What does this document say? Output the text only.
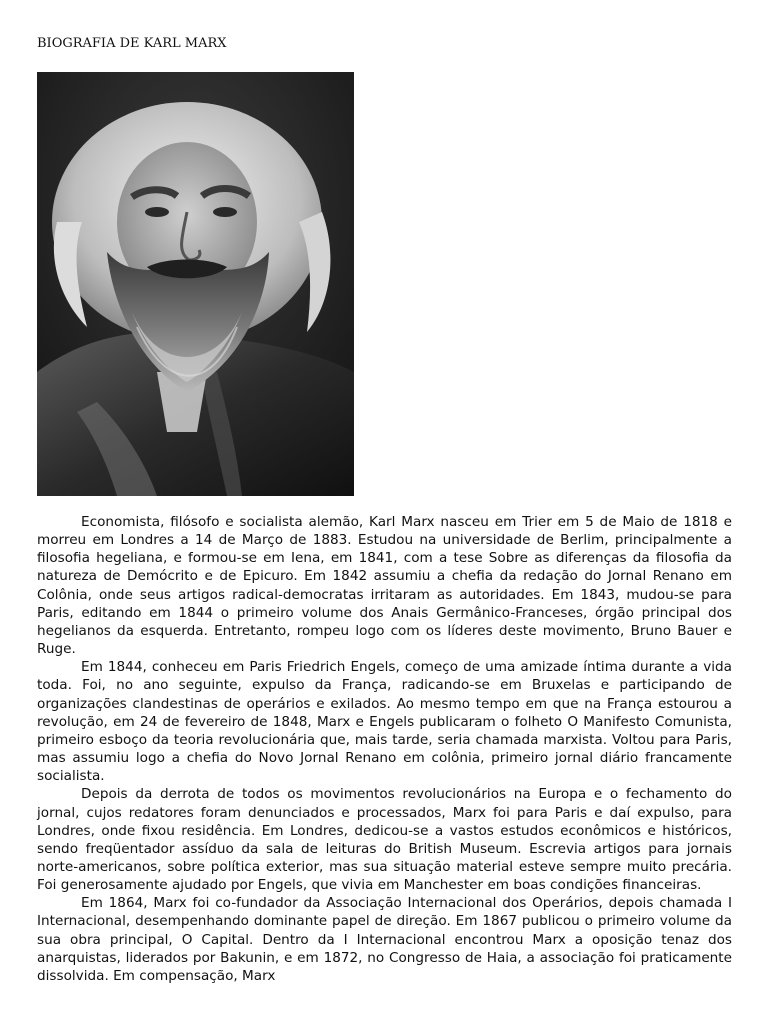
BIOGRAFIA DE KARL MARX

Economista, filósofo e socialista alemão, Karl Marx nasceu em Trier em 5 de Maio de 1818 e morreu em Londres a 14 de Março de 1883. Estudou na universidade de Berlim, principalmente a filosofia hegeliana, e formou-se em Iena, em 1841, com a tese Sobre as diferenças da filosofia da natureza de Demócrito e de Epicuro. Em 1842 assumiu a chefia da redação do Jornal Renano em Colônia, onde seus artigos radical-democratas irritaram as autoridades. Em 1843, mudou-se para Paris, editando em 1844 o primeiro volume dos Anais Germânico-Franceses, órgão principal dos hegelianos da esquerda. Entretanto, rompeu logo com os líderes deste movimento, Bruno Bauer e Ruge.

Em 1844, conheceu em Paris Friedrich Engels, começo de uma amizade íntima durante a vida toda. Foi, no ano seguinte, expulso da França, radicando-se em Bruxelas e participando de organizações clandestinas de operários e exilados. Ao mesmo tempo em que na França estourou a revolução, em 24 de fevereiro de 1848, Marx e Engels publicaram o folheto O Manifesto Comunista, primeiro esboço da teoria revolucionária que, mais tarde, seria chamada marxista. Voltou para Paris, mas assumiu logo a chefia do Novo Jornal Renano em colônia, primeiro jornal diário francamente socialista.

Depois da derrota de todos os movimentos revolucionários na Europa e o fechamento do jornal, cujos redatores foram denunciados e processados, Marx foi para Paris e daí expulso, para Londres, onde fixou residência. Em Londres, dedicou-se a vastos estudos econômicos e históricos, sendo freqüentador assíduo da sala de leituras do British Museum. Escrevia artigos para jornais norte-americanos, sobre política exterior, mas sua situação material esteve sempre muito precária. Foi generosamente ajudado por Engels, que vivia em Manchester em boas condições financeiras.

Em 1864, Marx foi co-fundador da Associação Internacional dos Operários, depois chamada I Internacional, desempenhando dominante papel de direção. Em 1867 publicou o primeiro volume da sua obra principal, O Capital. Dentro da I Internacional encontrou Marx a oposição tenaz dos anarquistas, liderados por Bakunin, e em 1872, no Congresso de Haia, a associação foi praticamente dissolvida. Em compensação, Marx
